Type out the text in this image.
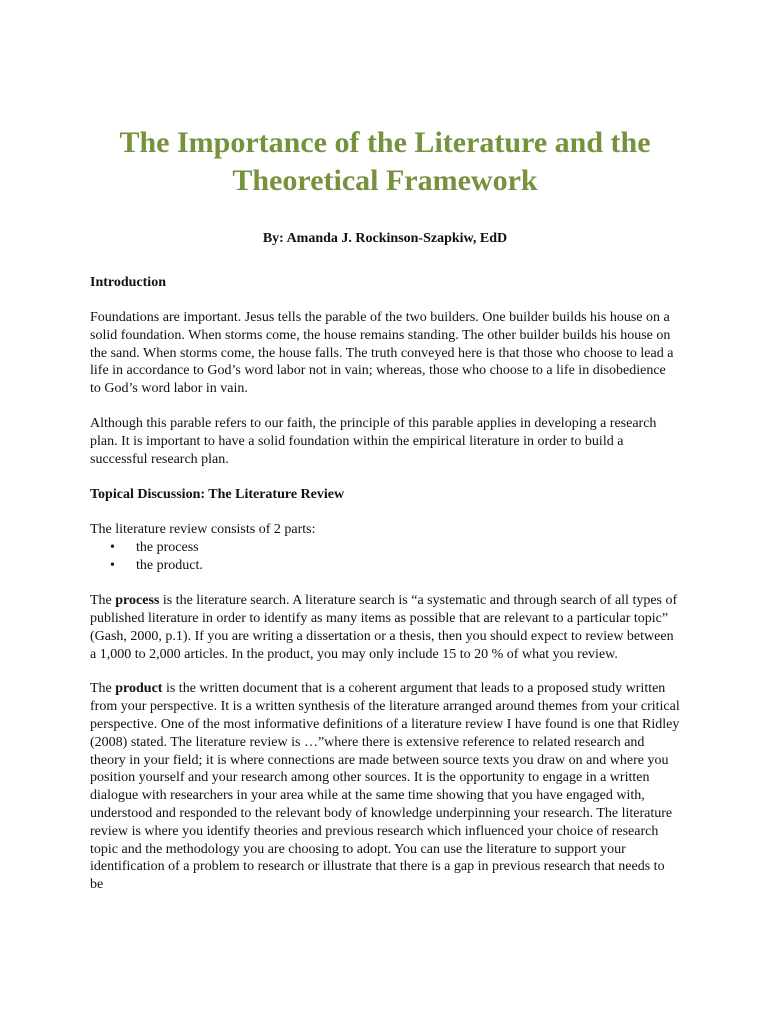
The Importance of the Literature and the Theoretical Framework
By: Amanda J. Rockinson-Szapkiw, EdD
Introduction
Foundations are important. Jesus tells the parable of the two builders. One builder builds his house on a solid foundation. When storms come, the house remains standing. The other builder builds his house on the sand. When storms come, the house falls. The truth conveyed here is that those who choose to lead a life in accordance to God’s word labor not in vain; whereas, those who choose to a life in disobedience to God’s word labor in vain.
Although this parable refers to our faith, the principle of this parable applies in developing a research plan. It is important to have a solid foundation within the empirical literature in order to build a successful research plan.
Topical Discussion: The Literature Review
The literature review consists of 2 parts:
• the process
• the product.
The process is the literature search. A literature search is “a systematic and through search of all types of published literature in order to identify as many items as possible that are relevant to a particular topic” (Gash, 2000, p.1). If you are writing a dissertation or a thesis, then you should expect to review between a 1,000 to 2,000 articles. In the product, you may only include 15 to 20 % of what you review.
The product is the written document that is a coherent argument that leads to a proposed study written from your perspective. It is a written synthesis of the literature arranged around themes from your critical perspective. One of the most informative definitions of a literature review I have found is one that Ridley (2008) stated. The literature review is …”where there is extensive reference to related research and theory in your field; it is where connections are made between source texts you draw on and where you position yourself and your research among other sources. It is the opportunity to engage in a written dialogue with researchers in your area while at the same time showing that you have engaged with, understood and responded to the relevant body of knowledge underpinning your research. The literature review is where you identify theories and previous research which influenced your choice of research topic and the methodology you are choosing to adopt. You can use the literature to support your identification of a problem to research or illustrate that there is a gap in previous research that needs to be
